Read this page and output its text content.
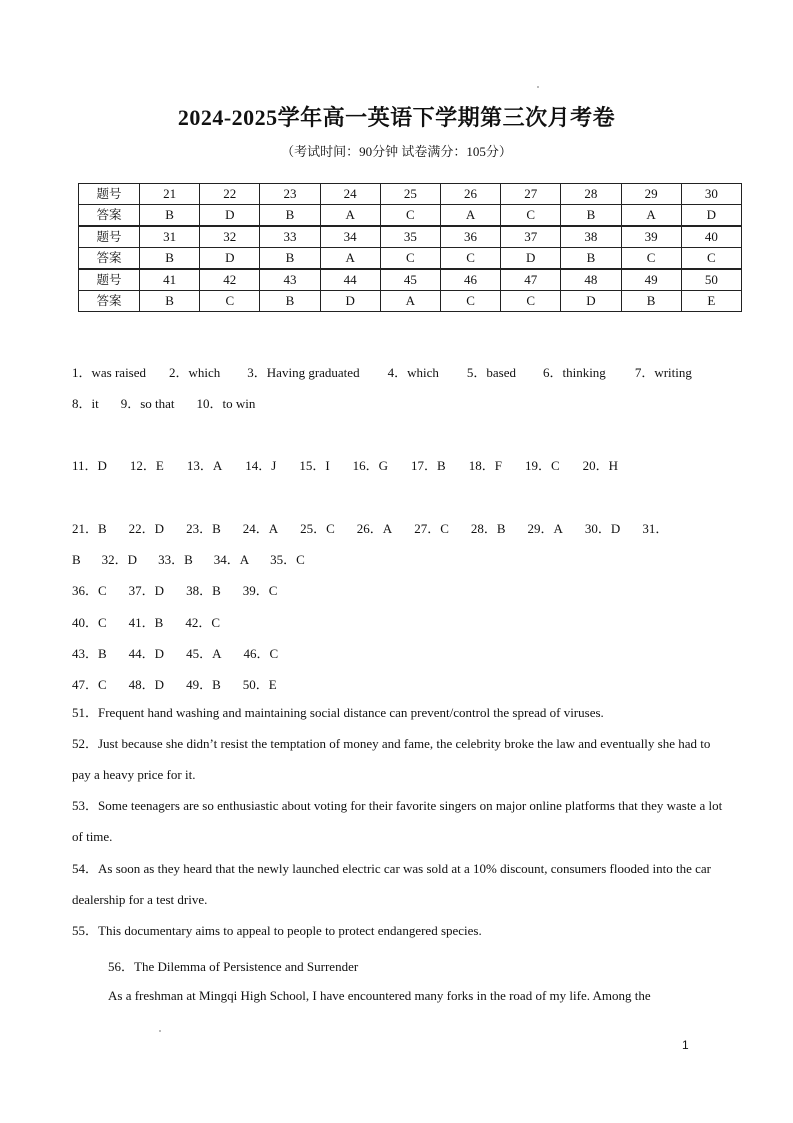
2024-2025学年高一英语下学期第三次月考卷
（考试时间：90分钟 试卷满分：105分）
题号	21	22	23	24	25	26	27	28	29	30
答案	B	D	B	A	C	A	C	B	A	D
题号	31	32	33	34	35	36	37	38	39	40
答案	B	D	B	A	C	C	D	B	C	C
题号	41	42	43	44	45	46	47	48	49	50
答案	B	C	B	D	A	C	C	D	B	E
1．was raised 2．which 3．Having graduated 4．which 5．based 6．thinking 7．writing
8．it 9．so that 10．to win
11．D 12．E 13．A 14．J 15．I 16．G 17．B 18．F 19．C 20．H
21．B 22．D 23．B 24．A 25．C 26．A 27．C 28．B 29．A 30．D 31．
B 32．D 33．B 34．A 35．C
36．C 37．D 38．B 39．C
40．C 41．B 42．C
43．B 44．D 45．A 46．C
47．C 48．D 49．B 50．E
51．Frequent hand washing and maintaining social distance can prevent/control the spread of viruses.
52．Just because she didn’t resist the temptation of money and fame, the celebrity broke the law and eventually she had to pay a heavy price for it.
53．Some teenagers are so enthusiastic about voting for their favorite singers on major online platforms that they waste a lot of time.
54．As soon as they heard that the newly launched electric car was sold at a 10% discount, consumers flooded into the car dealership for a test drive.
55．This documentary aims to appeal to people to protect endangered species.
56．The Dilemma of Persistence and Surrender
As a freshman at Mingqi High School, I have encountered many forks in the road of my life. Among the
1
